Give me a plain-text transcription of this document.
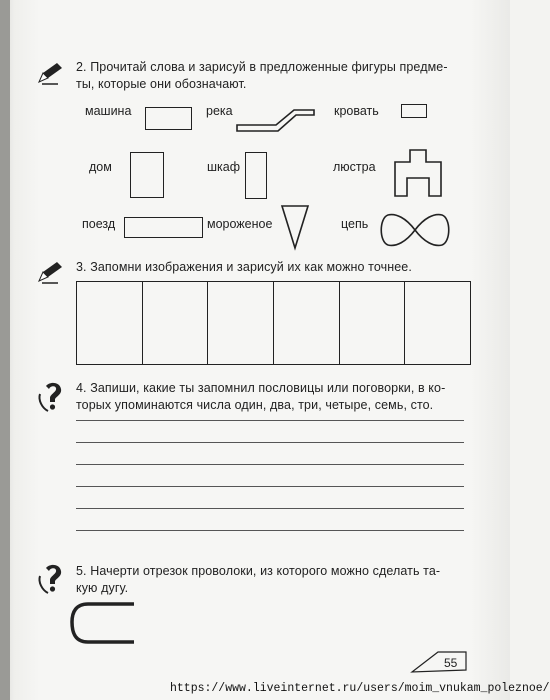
2. Прочитай слова и зарисуй в предложенные фигуры предме-
ты, которые они обозначают.
машина	река	кровать
дом	шкаф	люстра
поезд	мороженое	цепь
3. Запомни изображения и зарисуй их как можно точнее.
4. Запиши, какие ты запомнил пословицы или поговорки, в ко-
торых упоминаются числа один, два, три, четыре, семь, сто.
5. Начерти отрезок проволоки, из которого можно сделать та-
кую дугу.
55
https://www.liveinternet.ru/users/moim_vnukam_poleznoe/
